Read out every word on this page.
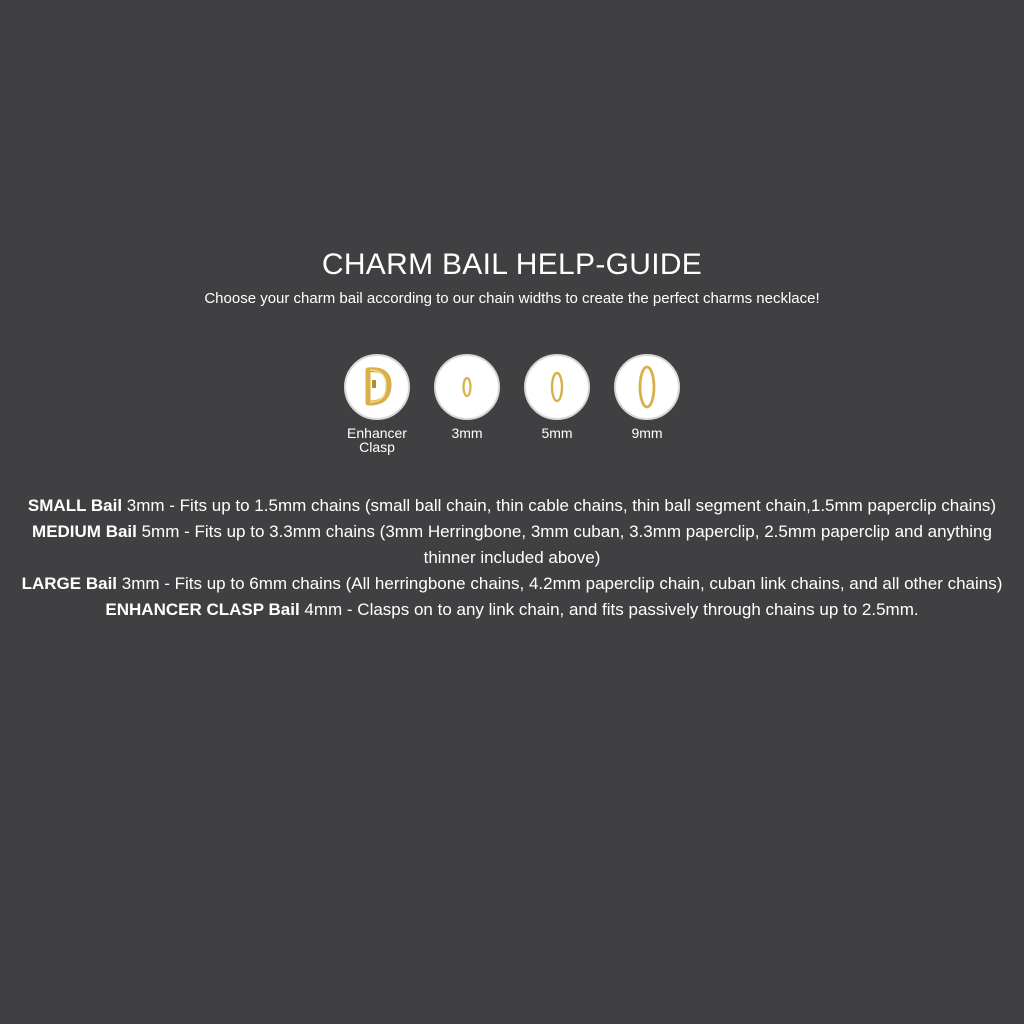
CHARM BAIL HELP-GUIDE

Choose your charm bail according to our chain widths to create the perfect charms necklace!

Enhancer Clasp
3mm	5mm	9mm

SMALL Bail 3mm - Fits up to 1.5mm chains (small ball chain, thin cable chains, thin ball segment chain,1.5mm paperclip chains)

MEDIUM Bail 5mm - Fits up to 3.3mm chains (3mm Herringbone, 3mm cuban, 3.3mm paperclip, 2.5mm paperclip and anything thinner included above)

LARGE Bail 3mm - Fits up to 6mm chains (All herringbone chains, 4.2mm paperclip chain, cuban link chains, and all other chains)

ENHANCER CLASP Bail 4mm - Clasps on to any link chain, and fits passively through chains up to 2.5mm.
